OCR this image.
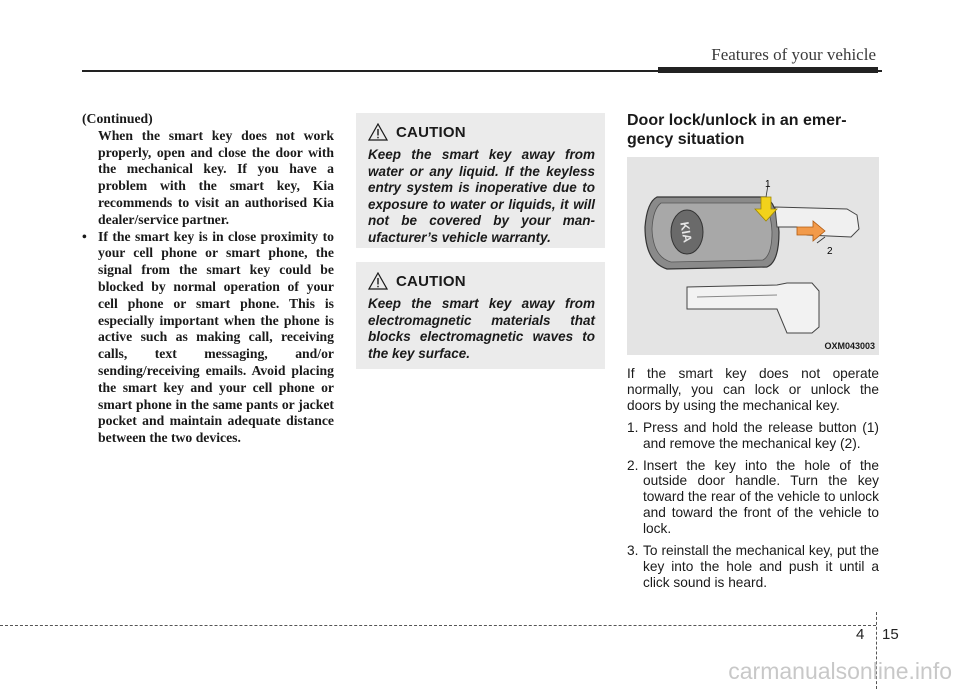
Features of your vehicle

(Continued)

When the smart key does not work properly, open and close the door with the mechanical key. If you have a problem with the smart key, Kia recommends to visit an authorised Kia dealer/service partner.

• If the smart key is in close proximity to your cell phone or smart phone, the signal from the smart key could be blocked by normal operation of your cell phone or smart phone. This is especially important when the phone is active such as making call, receiving calls, text messaging, and/or sending/receiving emails. Avoid placing the smart key and your cell phone or smart phone in the same pants or jacket pocket and maintain adequate distance between the two devices.
CAUTION

Keep the smart key away from water or any liquid. If the keyless entry system is inoperative due to exposure to water or liquids, it will not be covered by your man-ufacturer’s vehicle warranty.

CAUTION

Keep the smart key away from electromagnetic materials that blocks electromagnetic waves to the key surface.

Door lock/unlock in an emer-gency situation

KIA
1
2
OXM043003

If the smart key does not operate normally, you can lock or unlock the doors by using the mechanical key.

1. Press and hold the release button (1) and remove the mechanical key (2).
2. Insert the key into the hole of the outside door handle. Turn the key toward the rear of the vehicle to unlock and toward the front of the vehicle to lock.
3. To reinstall the mechanical key, put the key into the hole and push it until a click sound is heard.
4 15
carmanualsonline.info
